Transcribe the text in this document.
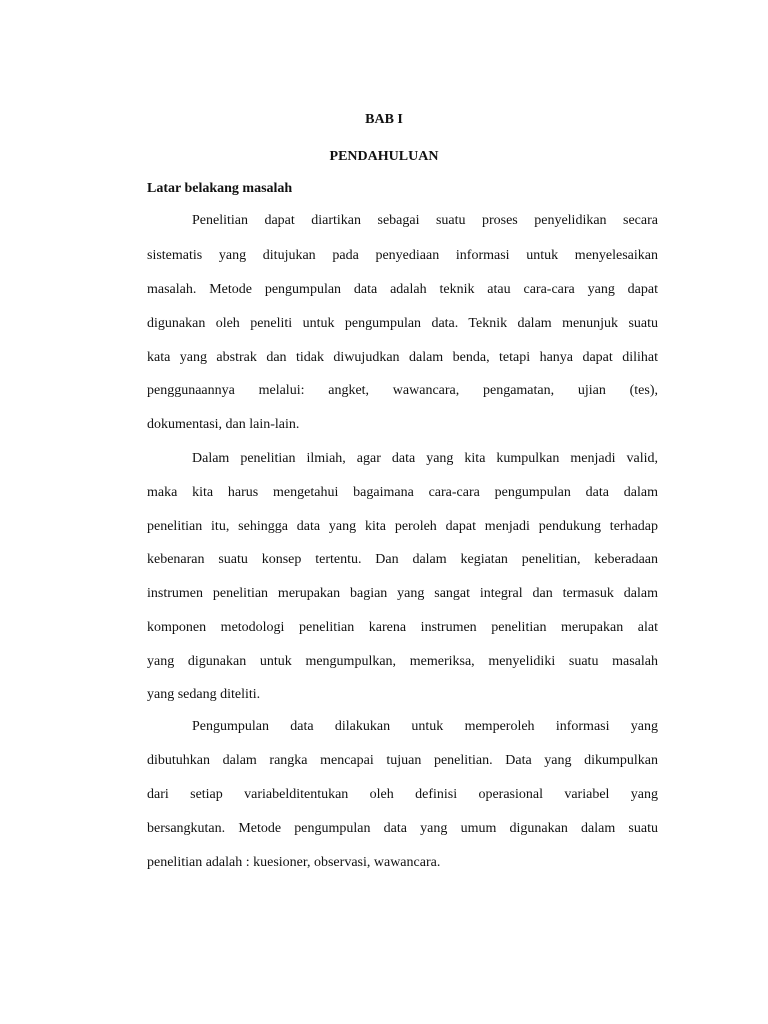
BAB I

PENDAHULUAN

Latar belakang masalah

Penelitian dapat diartikan sebagai suatu proses penyelidikan secara

sistematis yang ditujukan pada penyediaan informasi untuk menyelesaikan

masalah. Metode pengumpulan data adalah teknik atau cara-cara yang dapat

digunakan oleh peneliti untuk pengumpulan data. Teknik dalam menunjuk suatu

kata yang abstrak dan tidak diwujudkan dalam benda, tetapi hanya dapat dilihat

penggunaannya melalui: angket, wawancara, pengamatan, ujian (tes),

dokumentasi, dan lain-lain.

Dalam penelitian ilmiah, agar data yang kita kumpulkan menjadi valid,

maka kita harus mengetahui bagaimana cara-cara pengumpulan data dalam

penelitian itu, sehingga data yang kita peroleh dapat menjadi pendukung terhadap

kebenaran suatu konsep tertentu. Dan dalam kegiatan penelitian, keberadaan

instrumen penelitian merupakan bagian yang sangat integral dan termasuk dalam

komponen metodologi penelitian karena instrumen penelitian merupakan alat

yang digunakan untuk mengumpulkan, memeriksa, menyelidiki suatu masalah

yang sedang diteliti.

Pengumpulan data dilakukan untuk memperoleh informasi yang

dibutuhkan dalam rangka mencapai tujuan penelitian. Data yang dikumpulkan

dari setiap variabelditentukan oleh definisi operasional variabel yang

bersangkutan. Metode pengumpulan data yang umum digunakan dalam suatu

penelitian adalah : kuesioner, observasi, wawancara.
